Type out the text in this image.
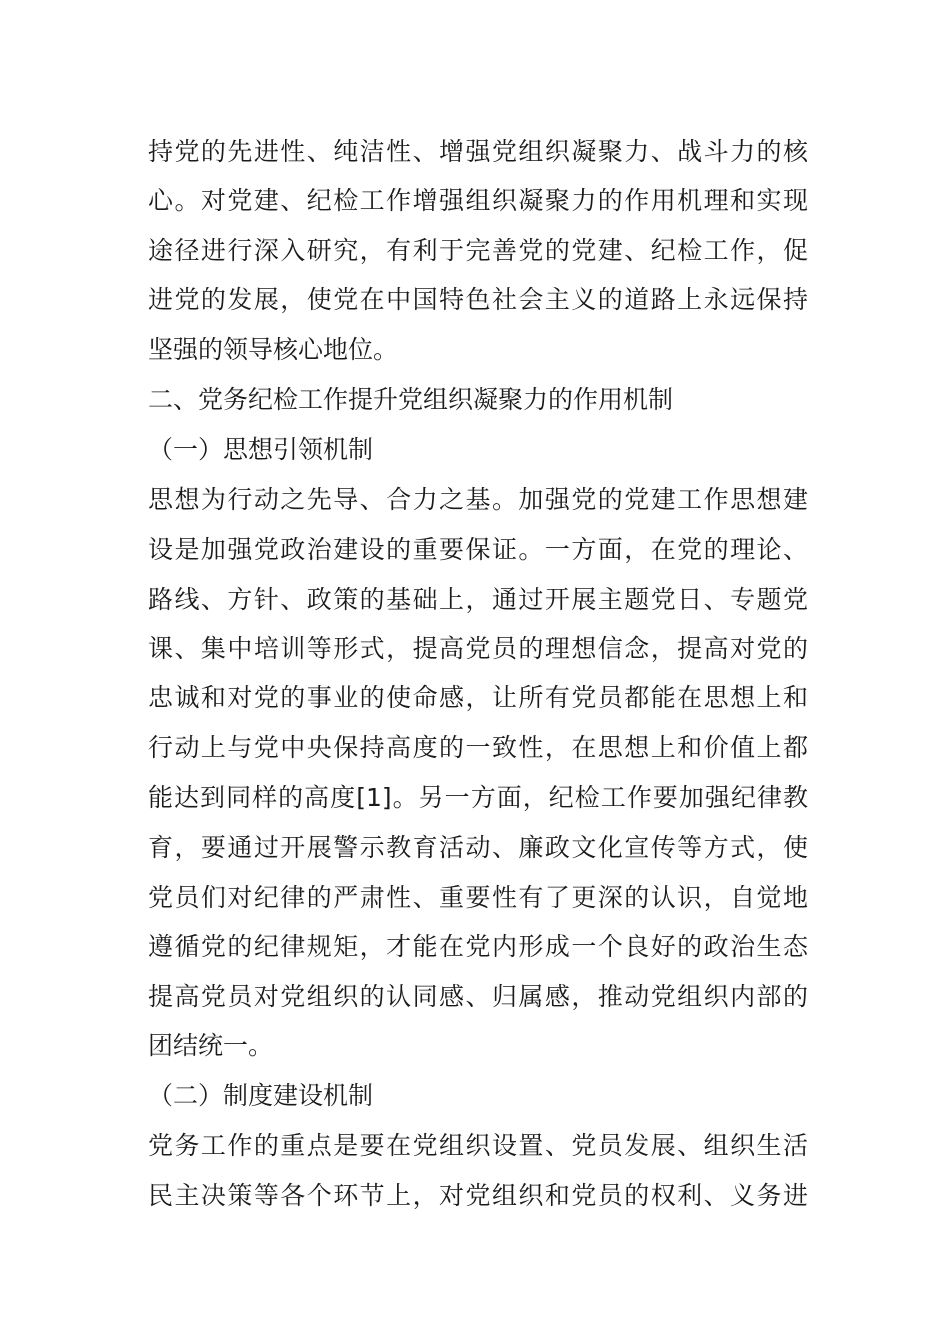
持党的先进性、纯洁性、增强党组织凝聚力、战斗力的核
心。对党建、纪检工作增强组织凝聚力的作用机理和实现
途径进行深入研究，有利于完善党的党建、纪检工作，促
进党的发展，使党在中国特色社会主义的道路上永远保持
坚强的领导核心地位。
二、党务纪检工作提升党组织凝聚力的作用机制
（一）思想引领机制
思想为行动之先导、合力之基。加强党的党建工作思想建
设是加强党政治建设的重要保证。一方面，在党的理论、
路线、方针、政策的基础上，通过开展主题党日、专题党
课、集中培训等形式，提高党员的理想信念，提高对党的
忠诚和对党的事业的使命感，让所有党员都能在思想上和
行动上与党中央保持高度的一致性，在思想上和价值上都
能达到同样的高度[1]。另一方面，纪检工作要加强纪律教
育，要通过开展警示教育活动、廉政文化宣传等方式，使
党员们对纪律的严肃性、重要性有了更深的认识，自觉地
遵循党的纪律规矩，才能在党内形成一个良好的政治生态
提高党员对党组织的认同感、归属感，推动党组织内部的
团结统一。
（二）制度建设机制
党务工作的重点是要在党组织设置、党员发展、组织生活
民主决策等各个环节上，对党组织和党员的权利、义务进
